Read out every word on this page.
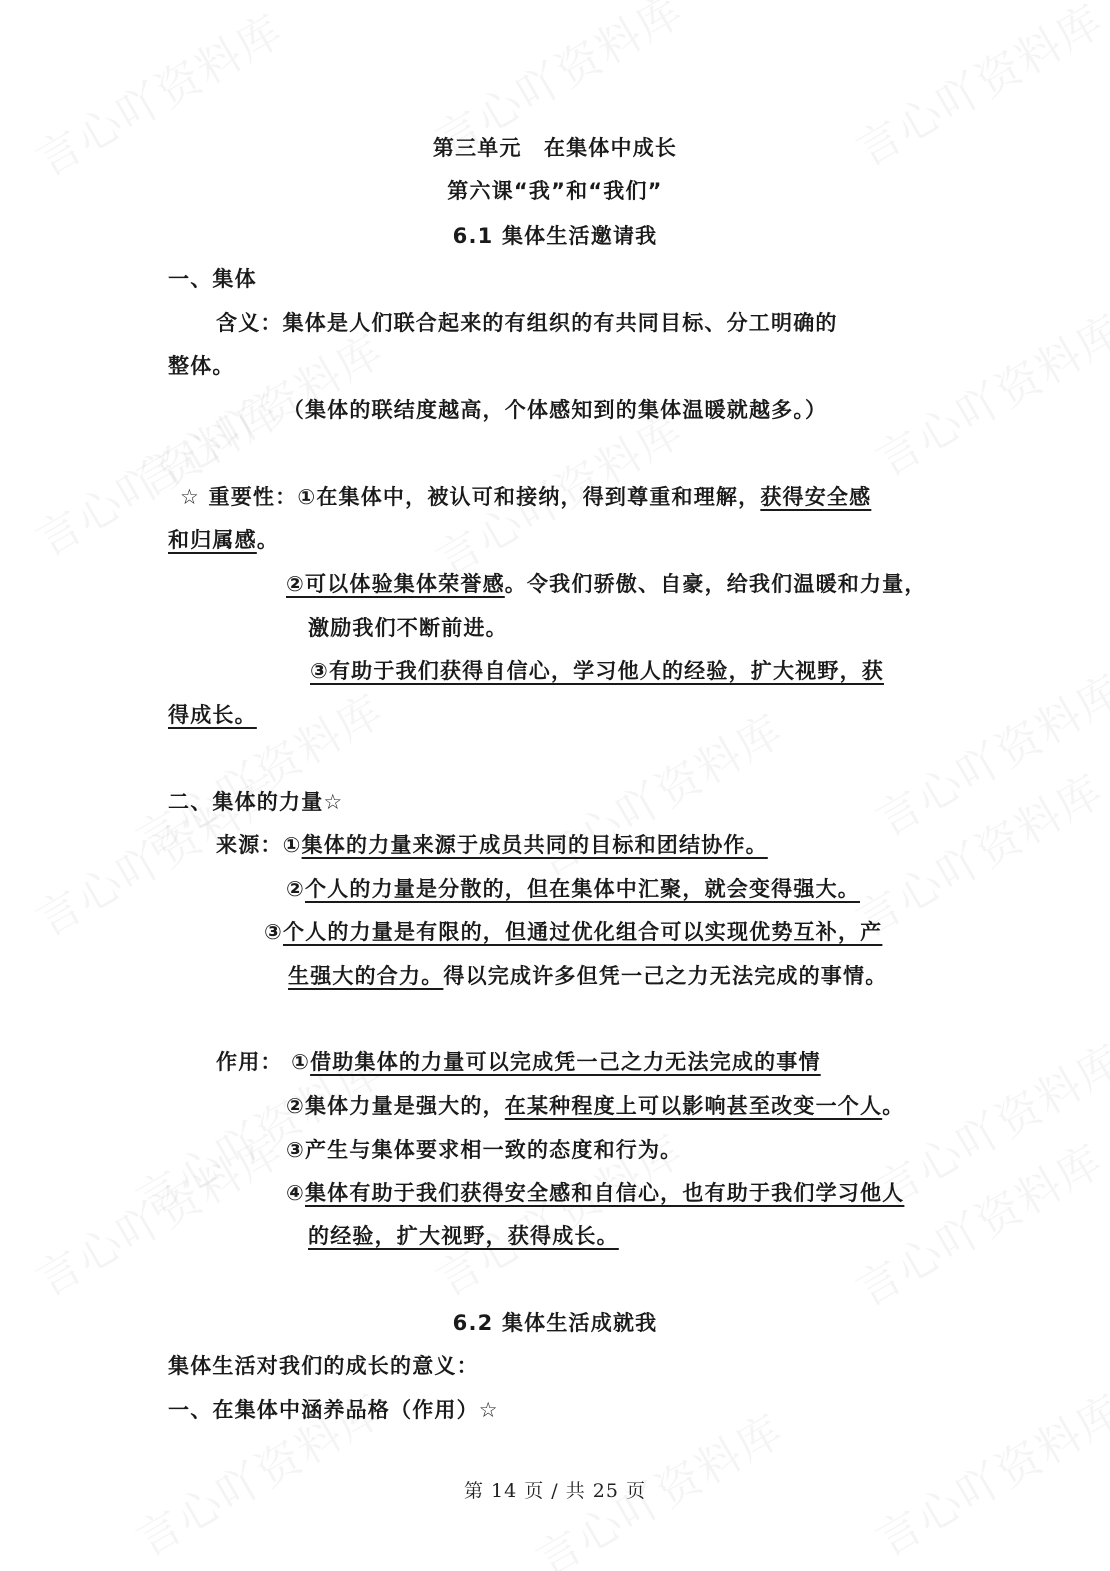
第三单元　在集体中成长
第六课“我”和“我们”
6.1 集体生活邀请我
一、集体
含义：集体是人们联合起来的有组织的有共同目标、分工明确的
整体。
（集体的联结度越高，个体感知到的集体温暖就越多。）
☆ 重要性：①在集体中，被认可和接纳，得到尊重和理解，获得安全感
和归属感。
②可以体验集体荣誉感。令我们骄傲、自豪，给我们温暖和力量，
激励我们不断前进。
③有助于我们获得自信心，学习他人的经验，扩大视野，获
得成长。
二、集体的力量☆
来源：①集体的力量来源于成员共同的目标和团结协作。
②个人的力量是分散的，但在集体中汇聚，就会变得强大。
③个人的力量是有限的，但通过优化组合可以实现优势互补，产
生强大的合力。得以完成许多但凭一己之力无法完成的事情。
作用： ①借助集体的力量可以完成凭一己之力无法完成的事情
②集体力量是强大的，在某种程度上可以影响甚至改变一个人。
③产生与集体要求相一致的态度和行为。
④集体有助于我们获得安全感和自信心，也有助于我们学习他人
的经验，扩大视野，获得成长。
6.2 集体生活成就我
集体生活对我们的成长的意义：
一、在集体中涵养品格（作用）☆
第 14 页 / 共 25 页
